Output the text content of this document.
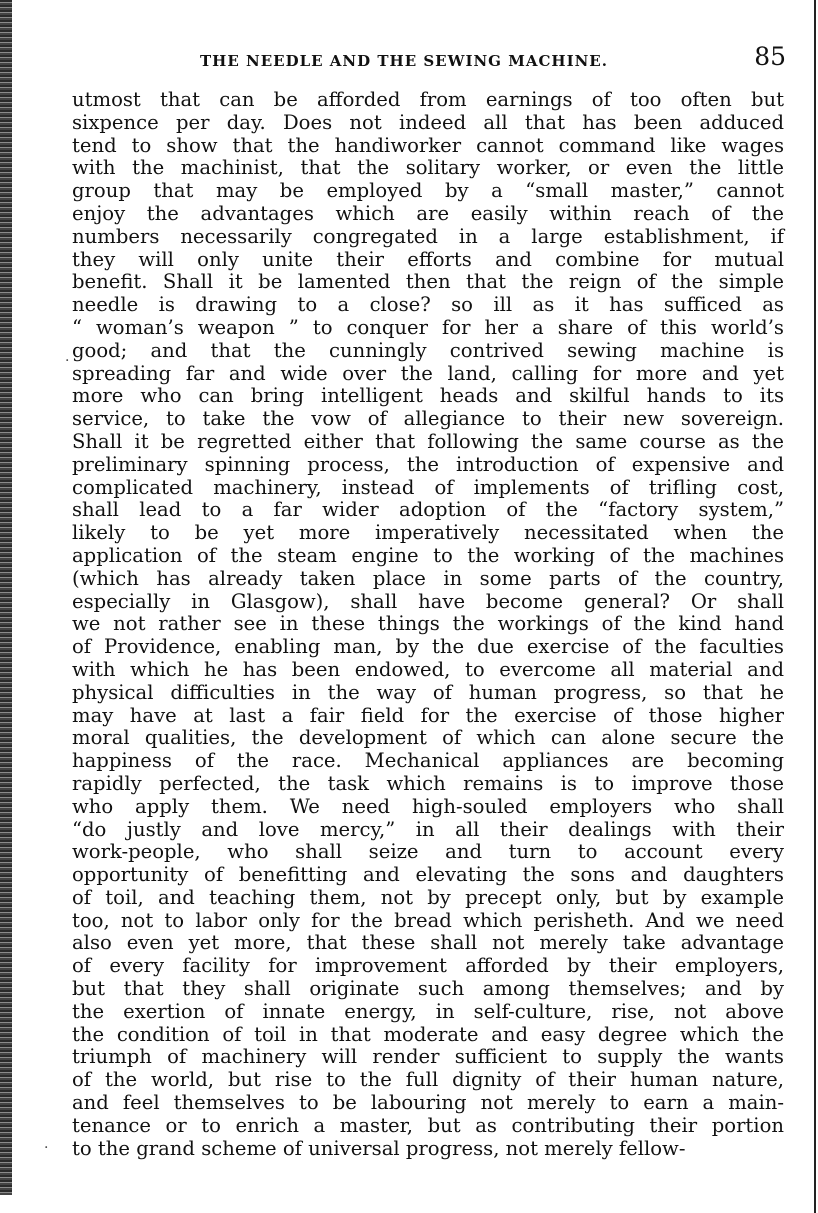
THE NEEDLE AND THE SEWING MACHINE.	85
utmost that can be afforded from earnings of too often but
sixpence per day. Does not indeed all that has been adduced
tend to show that the handiworker cannot command like wages
with the machinist, that the solitary worker, or even the little
group that may be employed by a “small master,” cannot
enjoy the advantages which are easily within reach of the
numbers necessarily congregated in a large establishment, if
they will only unite their efforts and combine for mutual
benefit. Shall it be lamented then that the reign of the simple
needle is drawing to a close? so ill as it has sufficed as
“ woman’s weapon ” to conquer for her a share of this world’s
good; and that the cunningly contrived sewing machine is
spreading far and wide over the land, calling for more and yet
more who can bring intelligent heads and skilful hands to its
service, to take the vow of allegiance to their new sovereign.
Shall it be regretted either that following the same course as the
preliminary spinning process, the introduction of expensive and
complicated machinery, instead of implements of trifling cost,
shall lead to a far wider adoption of the “factory system,”
likely to be yet more imperatively necessitated when the
application of the steam engine to the working of the machines
(which has already taken place in some parts of the country,
especially in Glasgow), shall have become general? Or shall
we not rather see in these things the workings of the kind hand
of Providence, enabling man, by the due exercise of the faculties
with which he has been endowed, to evercome all material and
physical difficulties in the way of human progress, so that he
may have at last a fair field for the exercise of those higher
moral qualities, the development of which can alone secure the
happiness of the race. Mechanical appliances are becoming
rapidly perfected, the task which remains is to improve those
who apply them. We need high-souled employers who shall
“do justly and love mercy,” in all their dealings with their
work-people, who shall seize and turn to account every
opportunity of benefitting and elevating the sons and daughters
of toil, and teaching them, not by precept only, but by example
too, not to labor only for the bread which perisheth. And we need
also even yet more, that these shall not merely take advantage
of every facility for improvement afforded by their employers,
but that they shall originate such among themselves; and by
the exertion of innate energy, in self-culture, rise, not above
the condition of toil in that moderate and easy degree which the
triumph of machinery will render sufficient to supply the wants
of the world, but rise to the full dignity of their human nature,
and feel themselves to be labouring not merely to earn a main-
tenance or to enrich a master, but as contributing their portion
to the grand scheme of universal progress, not merely fellow-
·
·
